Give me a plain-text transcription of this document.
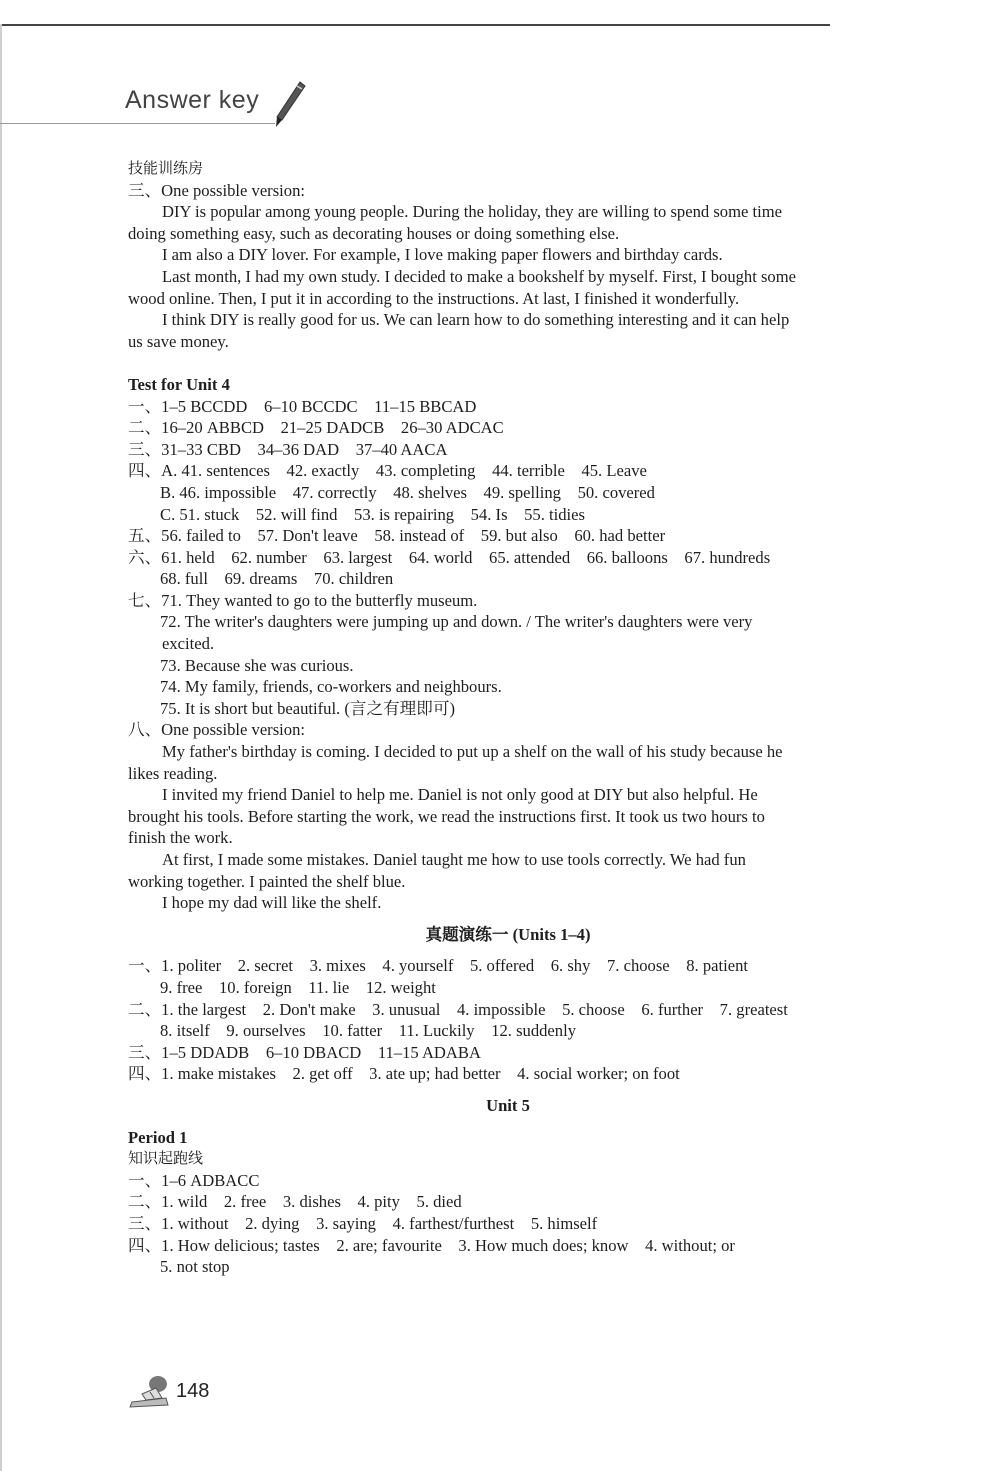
Answer key
技能训练房
三、One possible version:
DIY is popular among young people. During the holiday, they are willing to spend some time
doing something easy, such as decorating houses or doing something else.
I am also a DIY lover. For example, I love making paper flowers and birthday cards.
Last month, I had my own study. I decided to make a bookshelf by myself. First, I bought some
wood online. Then, I put it in according to the instructions. At last, I finished it wonderfully.
I think DIY is really good for us. We can learn how to do something interesting and it can help
us save money.
Test for Unit 4
一、1–5 BCCDD    6–10 BCCDC    11–15 BBCAD
二、16–20 ABBCD    21–25 DADCB    26–30 ADCAC
三、31–33 CBD    34–36 DAD    37–40 AACA
四、A. 41. sentences    42. exactly    43. completing    44. terrible    45. Leave
B. 46. impossible    47. correctly    48. shelves    49. spelling    50. covered
C. 51. stuck    52. will find    53. is repairing    54. Is    55. tidies
五、56. failed to    57. Don't leave    58. instead of    59. but also    60. had better
六、61. held    62. number    63. largest    64. world    65. attended    66. balloons    67. hundreds
68. full    69. dreams    70. children
七、71. They wanted to go to the butterfly museum.
72. The writer's daughters were jumping up and down. / The writer's daughters were very
excited.
73. Because she was curious.
74. My family, friends, co-workers and neighbours.
75. It is short but beautiful. (言之有理即可)
八、One possible version:
My father's birthday is coming. I decided to put up a shelf on the wall of his study because he
likes reading.
I invited my friend Daniel to help me. Daniel is not only good at DIY but also helpful. He
brought his tools. Before starting the work, we read the instructions first. It took us two hours to
finish the work.
At first, I made some mistakes. Daniel taught me how to use tools correctly. We had fun
working together. I painted the shelf blue.
I hope my dad will like the shelf.
真题演练一 (Units 1–4)
一、1. politer    2. secret    3. mixes    4. yourself    5. offered    6. shy    7. choose    8. patient
9. free    10. foreign    11. lie    12. weight
二、1. the largest    2. Don't make    3. unusual    4. impossible    5. choose    6. further    7. greatest
8. itself    9. ourselves    10. fatter    11. Luckily    12. suddenly
三、1–5 DDADB    6–10 DBACD    11–15 ADABA
四、1. make mistakes    2. get off    3. ate up; had better    4. social worker; on foot
Unit 5
Period 1
知识起跑线
一、1–6 ADBACC
二、1. wild    2. free    3. dishes    4. pity    5. died
三、1. without    2. dying    3. saying    4. farthest/furthest    5. himself
四、1. How delicious; tastes    2. are; favourite    3. How much does; know    4. without; or
5. not stop
148
